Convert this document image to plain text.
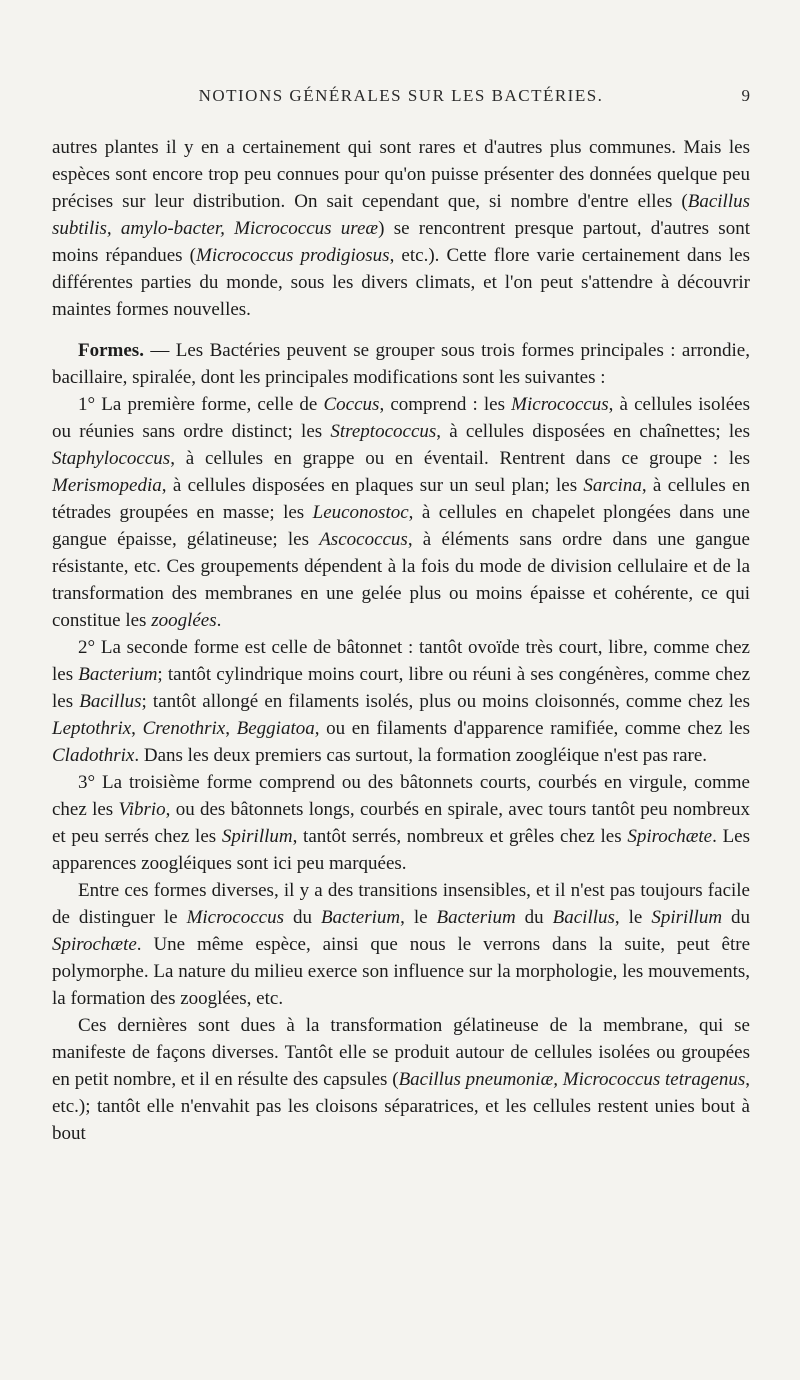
NOTIONS GÉNÉRALES SUR LES BACTÉRIES.	9

autres plantes il y en a certainement qui sont rares et d'autres plus communes. Mais les espèces sont encore trop peu connues pour qu'on puisse présenter des données quelque peu précises sur leur distribution. On sait cependant que, si nombre d'entre elles (Bacillus subtilis, amylo-bacter, Micrococcus ureæ) se rencontrent presque partout, d'autres sont moins répandues (Micrococcus prodigiosus, etc.). Cette flore varie certainement dans les différentes parties du monde, sous les divers climats, et l'on peut s'attendre à découvrir maintes formes nouvelles.

Formes. — Les Bactéries peuvent se grouper sous trois formes principales : arrondie, bacillaire, spiralée, dont les principales modifications sont les suivantes :

1° La première forme, celle de Coccus, comprend : les Micrococcus, à cellules isolées ou réunies sans ordre distinct; les Streptococcus, à cellules disposées en chaînettes; les Staphylococcus, à cellules en grappe ou en éventail. Rentrent dans ce groupe : les Merismopedia, à cellules disposées en plaques sur un seul plan; les Sarcina, à cellules en tétrades groupées en masse; les Leuconostoc, à cellules en chapelet plongées dans une gangue épaisse, gélatineuse; les Ascococcus, à éléments sans ordre dans une gangue résistante, etc. Ces groupements dépendent à la fois du mode de division cellulaire et de la transformation des membranes en une gelée plus ou moins épaisse et cohérente, ce qui constitue les zooglées.

2° La seconde forme est celle de bâtonnet : tantôt ovoïde très court, libre, comme chez les Bacterium; tantôt cylindrique moins court, libre ou réuni à ses congénères, comme chez les Bacillus; tantôt allongé en filaments isolés, plus ou moins cloisonnés, comme chez les Leptothrix, Crenothrix, Beggiatoa, ou en filaments d'apparence ramifiée, comme chez les Cladothrix. Dans les deux premiers cas surtout, la formation zoogléique n'est pas rare.

3° La troisième forme comprend ou des bâtonnets courts, courbés en virgule, comme chez les Vibrio, ou des bâtonnets longs, courbés en spirale, avec tours tantôt peu nombreux et peu serrés chez les Spirillum, tantôt serrés, nombreux et grêles chez les Spirochæte. Les apparences zoogléiques sont ici peu marquées.

Entre ces formes diverses, il y a des transitions insensibles, et il n'est pas toujours facile de distinguer le Micrococcus du Bacterium, le Bacterium du Bacillus, le Spirillum du Spirochæte. Une même espèce, ainsi que nous le verrons dans la suite, peut être polymorphe. La nature du milieu exerce son influence sur la morphologie, les mouvements, la formation des zooglées, etc.

Ces dernières sont dues à la transformation gélatineuse de la membrane, qui se manifeste de façons diverses. Tantôt elle se produit autour de cellules isolées ou groupées en petit nombre, et il en résulte des capsules (Bacillus pneumoniæ, Micrococcus tetragenus, etc.); tantôt elle n'envahit pas les cloisons séparatrices, et les cellules restent unies bout à bout
